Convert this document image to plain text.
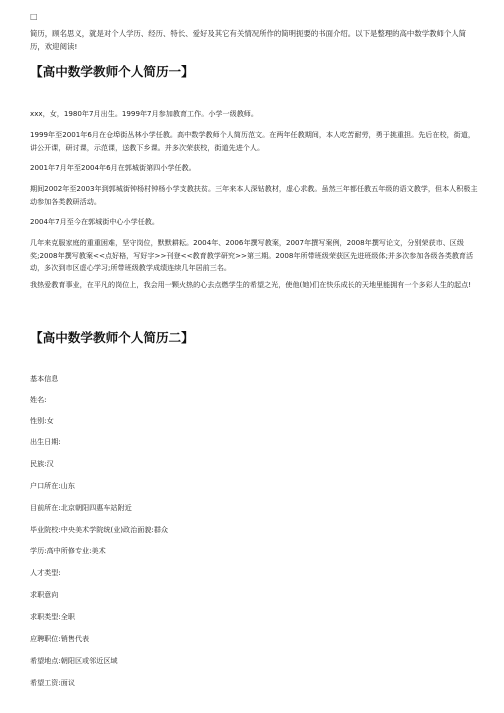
□

简历，顾名思义，就是对个人学历、经历、特长、爱好及其它有关情况所作的简明扼要的书面介绍。以下是整理的高中数学教师个人简历，欢迎阅读!

【高中数学教师个人简历一】

xxx，女，1980年7月出生。1999年7月参加教育工作。小学一级教师。

1999年至2001年6月在仓埠街丛林小学任教。高中数学教师个人简历范文。在两年任教期间，本人吃苦耐劳，勇于挑重担。先后在校，街道，讲公开课，研讨课，示范课，送教下乡课。并多次荣获校，街道先进个人。

2001年7月年至2004年6月在郭城街第四小学任教。

期间2002年至2003年到郭城街钟杨村钟杨小学支教扶贫。三年来本人深钻教材，虚心求教。虽然三年都任教五年级的语文教学，但本人积极主动参加各类教研活动。

2004年7月至今在郭城街中心小学任教。

几年来克服家庭的重重困难，坚守岗位，默默耕耘。2004年、2006年撰写教案，2007年撰写案例，2008年撰写论文，分别荣获市、区级奖;2008年撰写教案<<点好格，写好字>>刊登<<教育教学研究>>第三期。2008年所带班级荣获区先进班级体;并多次参加各级各类教育活动，多次到市区虚心学习;所带班级教学成绩连续几年居前三名。

我热爱教育事业，在平凡的岗位上，我会用一颗火热的心去点燃学生的希望之光，使他(她)们在快乐成长的天地里能拥有一个多彩人生的起点!

【高中数学教师个人简历二】

基本信息

姓名:

性别:女

出生日期:

民族:汉

户口所在:山东

目前所在:北京朝阳四惠车站附近

毕业院校:中央美术学院统(业)政治面貌:群众

学历:高中所修专业:美术

人才类型:

求职意向

求职类型:全职

应聘职位:销售代表

希望地点:朝阳区或邻近区域

希望工资:面议
